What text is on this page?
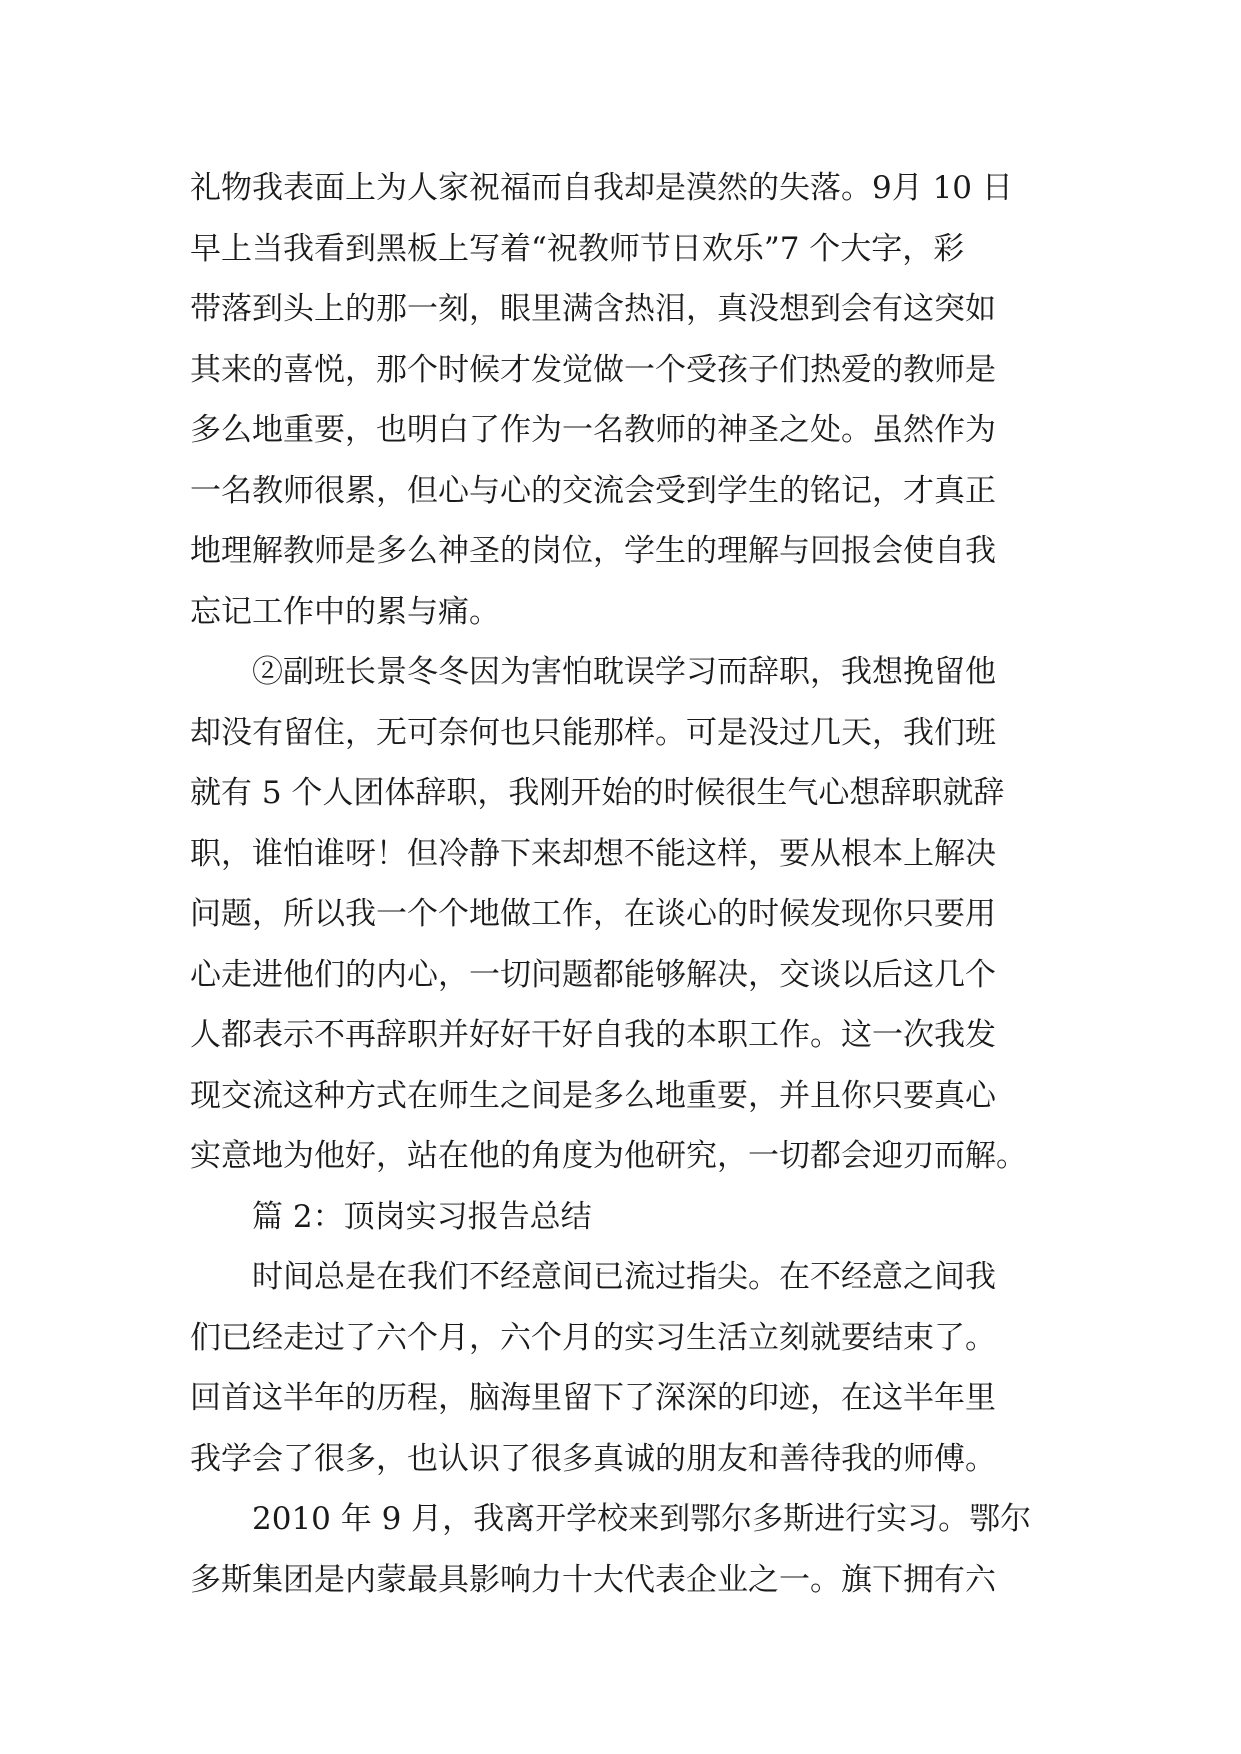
礼物我表面上为人家祝福而自我却是漠然的失落。9月 10 日
早上当我看到黑板上写着“祝教师节日欢乐”7 个大字，彩
带落到头上的那一刻，眼里满含热泪，真没想到会有这突如
其来的喜悦，那个时候才发觉做一个受孩子们热爱的教师是
多么地重要，也明白了作为一名教师的神圣之处。虽然作为
一名教师很累，但心与心的交流会受到学生的铭记，才真正
地理解教师是多么神圣的岗位，学生的理解与回报会使自我
忘记工作中的累与痛。
②副班长景冬冬因为害怕耽误学习而辞职，我想挽留他
却没有留住，无可奈何也只能那样。可是没过几天，我们班
就有 5 个人团体辞职，我刚开始的时候很生气心想辞职就辞
职，谁怕谁呀！但冷静下来却想不能这样，要从根本上解决
问题，所以我一个个地做工作，在谈心的时候发现你只要用
心走进他们的内心，一切问题都能够解决，交谈以后这几个
人都表示不再辞职并好好干好自我的本职工作。这一次我发
现交流这种方式在师生之间是多么地重要，并且你只要真心
实意地为他好，站在他的角度为他研究，一切都会迎刃而解。
篇 2：顶岗实习报告总结
时间总是在我们不经意间已流过指尖。在不经意之间我
们已经走过了六个月，六个月的实习生活立刻就要结束了。
回首这半年的历程，脑海里留下了深深的印迹，在这半年里
我学会了很多，也认识了很多真诚的朋友和善待我的师傅。
2010 年 9 月，我离开学校来到鄂尔多斯进行实习。鄂尔
多斯集团是内蒙最具影响力十大代表企业之一。旗下拥有六
